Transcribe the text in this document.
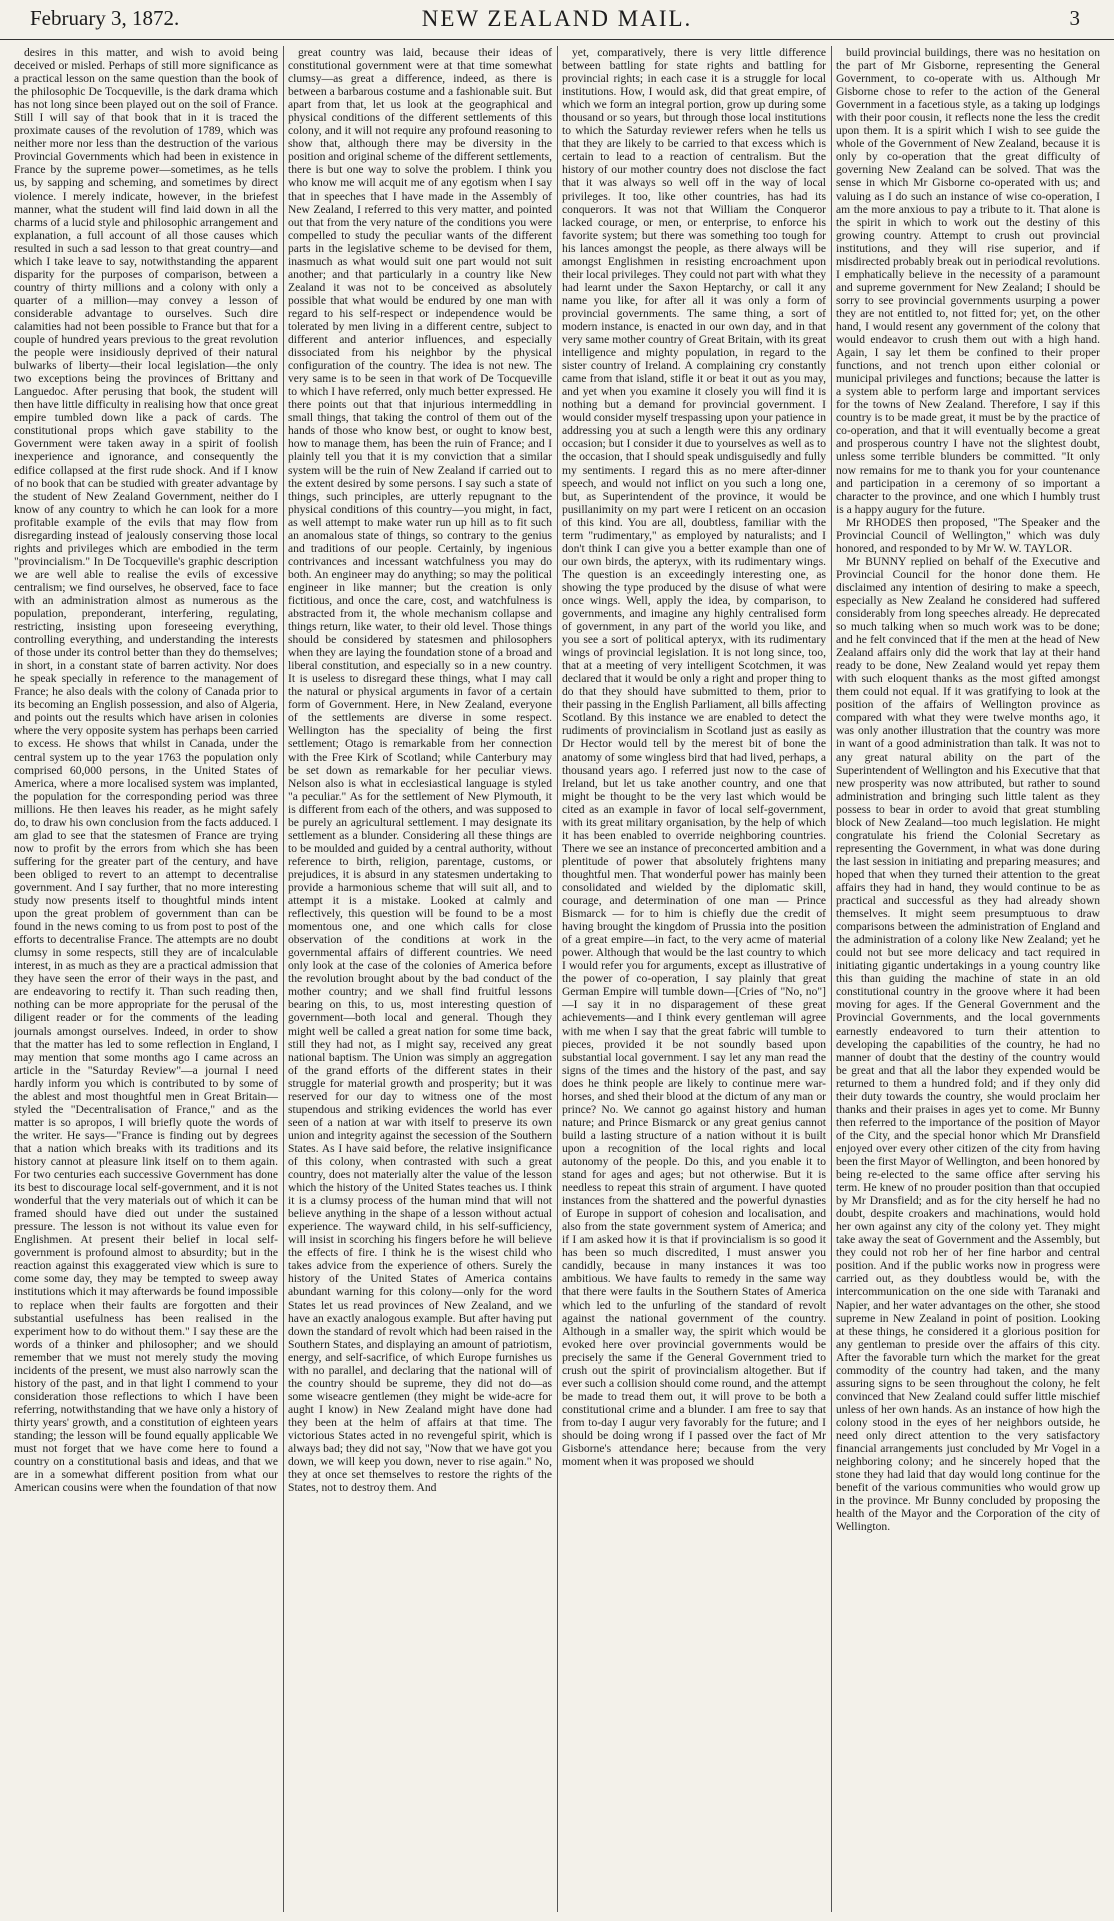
February 3, 1872.	NEW ZEALAND MAIL.	3

desires in this matter, and wish to avoid being deceived or misled. Perhaps of still more significance as a practical lesson on the same question than the book of the philosophic De Tocqueville, is the dark drama which has not long since been played out on the soil of France. Still I will say of that book that in it is traced the proximate causes of the revolution of 1789, which was neither more nor less than the destruction of the various Provincial Governments which had been in existence in France by the supreme power—sometimes, as he tells us, by sapping and scheming, and sometimes by direct violence. I merely indicate, however, in the briefest manner, what the student will find laid down in all the charms of a lucid style and philosophic arrangement and explanation, a full account of all those causes which resulted in such a sad lesson to that great country—and which I take leave to say, notwithstanding the apparent disparity for the purposes of comparison, between a country of thirty millions and a colony with only a quarter of a million—may convey a lesson of considerable advantage to ourselves. Such dire calamities had not been possible to France but that for a couple of hundred years previous to the great revolution the people were insidiously deprived of their natural bulwarks of liberty—their local legislation—the only two exceptions being the provinces of Brittany and Languedoc. After perusing that book, the student will then have little difficulty in realising how that once great empire tumbled down like a pack of cards. The constitutional props which gave stability to the Government were taken away in a spirit of foolish inexperience and ignorance, and consequently the edifice collapsed at the first rude shock. And if I know of no book that can be studied with greater advantage by the student of New Zealand Government, neither do I know of any country to which he can look for a more profitable example of the evils that may flow from disregarding instead of jealously conserving those local rights and privileges which are embodied in the term "provincialism." In De Tocqueville's graphic description we are well able to realise the evils of excessive centralism; we find ourselves, he observed, face to face with an administration almost as numerous as the population, preponderant, interfering, regulating, restricting, insisting upon foreseeing everything, controlling everything, and understanding the interests of those under its control better than they do themselves; in short, in a constant state of barren activity. Nor does he speak specially in reference to the management of France; he also deals with the colony of Canada prior to its becoming an English possession, and also of Algeria, and points out the results which have arisen in colonies where the very opposite system has perhaps been carried to excess. He shows that whilst in Canada, under the central system up to the year 1763 the population only comprised 60,000 persons, in the United States of America, where a more localised system was implanted, the population for the corresponding period was three millions. He then leaves his reader, as he might safely do, to draw his own conclusion from the facts adduced. I am glad to see that the statesmen of France are trying now to profit by the errors from which she has been suffering for the greater part of the century, and have been obliged to revert to an attempt to decentralise government. And I say further, that no more interesting study now presents itself to thoughtful minds intent upon the great problem of government than can be found in the news coming to us from post to post of the efforts to decentralise France. The attempts are no doubt clumsy in some respects, still they are of incalculable interest, in as much as they are a practical admission that they have seen the error of their ways in the past, and are endeavoring to rectify it. Than such reading then, nothing can be more appropriate for the perusal of the diligent reader or for the comments of the leading journals amongst ourselves. Indeed, in order to show that the matter has led to some reflection in England, I may mention that some months ago I came across an article in the "Saturday Review"—a journal I need hardly inform you which is contributed to by some of the ablest and most thoughtful men in Great Britain—styled the "Decentralisation of France," and as the matter is so apropos, I will briefly quote the words of the writer. He says—"France is finding out by degrees that a nation which breaks with its traditions and its history cannot at pleasure link itself on to them again. For two centuries each successive Government has done its best to discourage local self-government, and it is not wonderful that the very materials out of which it can be framed should have died out under the sustained pressure. The lesson is not without its value even for Englishmen. At present their belief in local self-government is profound almost to absurdity; but in the reaction against this exaggerated view which is sure to come some day, they may be tempted to sweep away institutions which it may afterwards be found impossible to replace when their faults are forgotten and their substantial usefulness has been realised in the experiment how to do without them." I say these are the words of a thinker and philosopher; and we should remember that we must not merely study the moving incidents of the present, we must also narrowly scan the history of the past, and in that light I commend to your consideration those reflections to which I have been referring, notwithstanding that we have only a history of thirty years' growth, and a constitution of eighteen years standing; the lesson will be found equally applicable We must not forget that we have come here to found a country on a constitutional basis and ideas, and that we are in a somewhat different position from what our American cousins were when the foundation of that now

great country was laid, because their ideas of constitutional government were at that time somewhat clumsy—as great a difference, indeed, as there is between a barbarous costume and a fashionable suit. But apart from that, let us look at the geographical and physical conditions of the different settlements of this colony, and it will not require any profound reasoning to show that, although there may be diversity in the position and original scheme of the different settlements, there is but one way to solve the problem. I think you who know me will acquit me of any egotism when I say that in speeches that I have made in the Assembly of New Zealand, I referred to this very matter, and pointed out that from the very nature of the conditions you were compelled to study the peculiar wants of the different parts in the legislative scheme to be devised for them, inasmuch as what would suit one part would not suit another; and that particularly in a country like New Zealand it was not to be conceived as absolutely possible that what would be endured by one man with regard to his self-respect or independence would be tolerated by men living in a different centre, subject to different and anterior influences, and especially dissociated from his neighbor by the physical configuration of the country. The idea is not new. The very same is to be seen in that work of De Tocqueville to which I have referred, only much better expressed. He there points out that that injurious intermeddling in small things, that taking the control of them out of the hands of those who know best, or ought to know best, how to manage them, has been the ruin of France; and I plainly tell you that it is my conviction that a similar system will be the ruin of New Zealand if carried out to the extent desired by some persons. I say such a state of things, such principles, are utterly repugnant to the physical conditions of this country—you might, in fact, as well attempt to make water run up hill as to fit such an anomalous state of things, so contrary to the genius and traditions of our people. Certainly, by ingenious contrivances and incessant watchfulness you may do both. An engineer may do anything; so may the political engineer in like manner; but the creation is only fictitious, and once the care, cost, and watchfulness is abstracted from it, the whole mechanism collapse and things return, like water, to their old level. Those things should be considered by statesmen and philosophers when they are laying the foundation stone of a broad and liberal constitution, and especially so in a new country. It is useless to disregard these things, what I may call the natural or physical arguments in favor of a certain form of Government. Here, in New Zealand, everyone of the settlements are diverse in some respect. Wellington has the speciality of being the first settlement; Otago is remarkable from her connection with the Free Kirk of Scotland; while Canterbury may be set down as remarkable for her peculiar views. Nelson also is what in ecclesiastical language is styled "a peculiar." As for the settlement of New Plymouth, it is different from each of the others, and was supposed to be purely an agricultural settlement. I may designate its settlement as a blunder. Considering all these things are to be moulded and guided by a central authority, without reference to birth, religion, parentage, customs, or prejudices, it is absurd in any statesmen undertaking to provide a harmonious scheme that will suit all, and to attempt it is a mistake. Looked at calmly and reflectively, this question will be found to be a most momentous one, and one which calls for close observation of the conditions at work in the governmental affairs of different countries. We need only look at the case of the colonies of America before the revolution brought about by the bad conduct of the mother country; and we shall find fruitful lessons bearing on this, to us, most interesting question of government—both local and general. Though they might well be called a great nation for some time back, still they had not, as I might say, received any great national baptism. The Union was simply an aggregation of the grand efforts of the different states in their struggle for material growth and prosperity; but it was reserved for our day to witness one of the most stupendous and striking evidences the world has ever seen of a nation at war with itself to preserve its own union and integrity against the secession of the Southern States. As I have said before, the relative insignificance of this colony, when contrasted with such a great country, does not materially alter the value of the lesson which the history of the United States teaches us. I think it is a clumsy process of the human mind that will not believe anything in the shape of a lesson without actual experience. The wayward child, in his self-sufficiency, will insist in scorching his fingers before he will believe the effects of fire. I think he is the wisest child who takes advice from the experience of others. Surely the history of the United States of America contains abundant warning for this colony—only for the word States let us read provinces of New Zealand, and we have an exactly analogous example. But after having put down the standard of revolt which had been raised in the Southern States, and displaying an amount of patriotism, energy, and self-sacrifice, of which Europe furnishes us with no parallel, and declaring that the national will of the country should be supreme, they did not do—as some wiseacre gentlemen (they might be wide-acre for aught I know) in New Zealand might have done had they been at the helm of affairs at that time. The victorious States acted in no revengeful spirit, which is always bad; they did not say, "Now that we have got you down, we will keep you down, never to rise again." No, they at once set themselves to restore the rights of the States, not to destroy them. And

yet, comparatively, there is very little difference between battling for state rights and battling for provincial rights; in each case it is a struggle for local institutions. How, I would ask, did that great empire, of which we form an integral portion, grow up during some thousand or so years, but through those local institutions to which the Saturday reviewer refers when he tells us that they are likely to be carried to that excess which is certain to lead to a reaction of centralism. But the history of our mother country does not disclose the fact that it was always so well off in the way of local privileges. It too, like other countries, has had its conquerors. It was not that William the Conqueror lacked courage, or men, or enterprise, to enforce his favorite system; but there was something too tough for his lances amongst the people, as there always will be amongst Englishmen in resisting encroachment upon their local privileges. They could not part with what they had learnt under the Saxon Heptarchy, or call it any name you like, for after all it was only a form of provincial governments. The same thing, a sort of modern instance, is enacted in our own day, and in that very same mother country of Great Britain, with its great intelligence and mighty population, in regard to the sister country of Ireland. A complaining cry constantly came from that island, stifle it or beat it out as you may, and yet when you examine it closely you will find it is nothing but a demand for provincial government. I would consider myself trespassing upon your patience in addressing you at such a length were this any ordinary occasion; but I consider it due to yourselves as well as to the occasion, that I should speak undisguisedly and fully my sentiments. I regard this as no mere after-dinner speech, and would not inflict on you such a long one, but, as Superintendent of the province, it would be pusillanimity on my part were I reticent on an occasion of this kind. You are all, doubtless, familiar with the term "rudimentary," as employed by naturalists; and I don't think I can give you a better example than one of our own birds, the apteryx, with its rudimentary wings. The question is an exceedingly interesting one, as showing the type produced by the disuse of what were once wings. Well, apply the idea, by comparison, to governments, and imagine any highly centralised form of government, in any part of the world you like, and you see a sort of political apteryx, with its rudimentary wings of provincial legislation. It is not long since, too, that at a meeting of very intelligent Scotchmen, it was declared that it would be only a right and proper thing to do that they should have submitted to them, prior to their passing in the English Parliament, all bills affecting Scotland. By this instance we are enabled to detect the rudiments of provincialism in Scotland just as easily as Dr Hector would tell by the merest bit of bone the anatomy of some wingless bird that had lived, perhaps, a thousand years ago. I referred just now to the case of Ireland, but let us take another country, and one that might be thought to be the very last which would be cited as an example in favor of local self-government, with its great military organisation, by the help of which it has been enabled to override neighboring countries. There we see an instance of preconcerted ambition and a plentitude of power that absolutely frightens many thoughtful men. That wonderful power has mainly been consolidated and wielded by the diplomatic skill, courage, and determination of one man — Prince Bismarck — for to him is chiefly due the credit of having brought the kingdom of Prussia into the position of a great empire—in fact, to the very acme of material power. Although that would be the last country to which I would refer you for arguments, except as illustrative of the power of co-operation, I say plainly that great German Empire will tumble down—[Cries of "No, no"]—I say it in no disparagement of these great achievements—and I think every gentleman will agree with me when I say that the great fabric will tumble to pieces, provided it be not soundly based upon substantial local government. I say let any man read the signs of the times and the history of the past, and say does he think people are likely to continue mere war-horses, and shed their blood at the dictum of any man or prince? No. We cannot go against history and human nature; and Prince Bismarck or any great genius cannot build a lasting structure of a nation without it is built upon a recognition of the local rights and local autonomy of the people. Do this, and you enable it to stand for ages and ages; but not otherwise. But it is needless to repeat this strain of argument. I have quoted instances from the shattered and the powerful dynasties of Europe in support of cohesion and localisation, and also from the state government system of America; and if I am asked how it is that if provincialism is so good it has been so much discredited, I must answer you candidly, because in many instances it was too ambitious. We have faults to remedy in the same way that there were faults in the Southern States of America which led to the unfurling of the standard of revolt against the national government of the country. Although in a smaller way, the spirit which would be evoked here over provincial governments would be precisely the same if the General Government tried to crush out the spirit of provincialism altogether. But if ever such a collision should come round, and the attempt be made to tread them out, it will prove to be both a constitutional crime and a blunder. I am free to say that from to-day I augur very favorably for the future; and I should be doing wrong if I passed over the fact of Mr Gisborne's attendance here; because from the very moment when it was proposed we should

build provincial buildings, there was no hesitation on the part of Mr Gisborne, representing the General Government, to co-operate with us. Although Mr Gisborne chose to refer to the action of the General Government in a facetious style, as a taking up lodgings with their poor cousin, it reflects none the less the credit upon them. It is a spirit which I wish to see guide the whole of the Government of New Zealand, because it is only by co-operation that the great difficulty of governing New Zealand can be solved. That was the sense in which Mr Gisborne co-operated with us; and valuing as I do such an instance of wise co-operation, I am the more anxious to pay a tribute to it. That alone is the spirit in which to work out the destiny of this growing country. Attempt to crush out provincial institutions, and they will rise superior, and if misdirected probably break out in periodical revolutions. I emphatically believe in the necessity of a paramount and supreme government for New Zealand; I should be sorry to see provincial governments usurping a power they are not entitled to, not fitted for; yet, on the other hand, I would resent any government of the colony that would endeavor to crush them out with a high hand. Again, I say let them be confined to their proper functions, and not trench upon either colonial or municipal privileges and functions; because the latter is a system able to perform large and important services for the towns of New Zealand. Therefore, I say if this country is to be made great, it must be by the practice of co-operation, and that it will eventually become a great and prosperous country I have not the slightest doubt, unless some terrible blunders be committed. "It only now remains for me to thank you for your countenance and participation in a ceremony of so important a character to the province, and one which I humbly trust is a happy augury for the future.

Mr RHODES then proposed, "The Speaker and the Provincial Council of Wellington," which was duly honored, and responded to by Mr W. W. TAYLOR.

Mr BUNNY replied on behalf of the Executive and Provincial Council for the honor done them. He disclaimed any intention of desiring to make a speech, especially as New Zealand he considered had suffered considerably from long speeches already. He deprecated so much talking when so much work was to be done; and he felt convinced that if the men at the head of New Zealand affairs only did the work that lay at their hand ready to be done, New Zealand would yet repay them with such eloquent thanks as the most gifted amongst them could not equal. If it was gratifying to look at the position of the affairs of Wellington province as compared with what they were twelve months ago, it was only another illustration that the country was more in want of a good administration than talk. It was not to any great natural ability on the part of the Superintendent of Wellington and his Executive that that new prosperity was now attributed, but rather to sound administration and bringing such little talent as they possess to bear in order to avoid that great stumbling block of New Zealand—too much legislation. He might congratulate his friend the Colonial Secretary as representing the Government, in what was done during the last session in initiating and preparing measures; and hoped that when they turned their attention to the great affairs they had in hand, they would continue to be as practical and successful as they had already shown themselves. It might seem presumptuous to draw comparisons between the administration of England and the administration of a colony like New Zealand; yet he could not but see more delicacy and tact required in initiating gigantic undertakings in a young country like this than guiding the machine of state in an old constitutional country in the groove where it had been moving for ages. If the General Government and the Provincial Governments, and the local governments earnestly endeavored to turn their attention to developing the capabilities of the country, he had no manner of doubt that the destiny of the country would be great and that all the labor they expended would be returned to them a hundred fold; and if they only did their duty towards the country, she would proclaim her thanks and their praises in ages yet to come. Mr Bunny then referred to the importance of the position of Mayor of the City, and the special honor which Mr Dransfield enjoyed over every other citizen of the city from having been the first Mayor of Wellington, and been honored by being re-elected to the same office after serving his term. He knew of no prouder position than that occupied by Mr Dransfield; and as for the city herself he had no doubt, despite croakers and machinations, would hold her own against any city of the colony yet. They might take away the seat of Government and the Assembly, but they could not rob her of her fine harbor and central position. And if the public works now in progress were carried out, as they doubtless would be, with the intercommunication on the one side with Taranaki and Napier, and her water advantages on the other, she stood supreme in New Zealand in point of position. Looking at these things, he considered it a glorious position for any gentleman to preside over the affairs of this city. After the favorable turn which the market for the great commodity of the country had taken, and the many assuring signs to be seen throughout the colony, he felt convinced that New Zealand could suffer little mischief unless of her own hands. As an instance of how high the colony stood in the eyes of her neighbors outside, he need only direct attention to the very satisfactory financial arrangements just concluded by Mr Vogel in a neighboring colony; and he sincerely hoped that the stone they had laid that day would long continue for the benefit of the various communities who would grow up in the province. Mr Bunny concluded by proposing the health of the Mayor and the Corporation of the city of Wellington.
